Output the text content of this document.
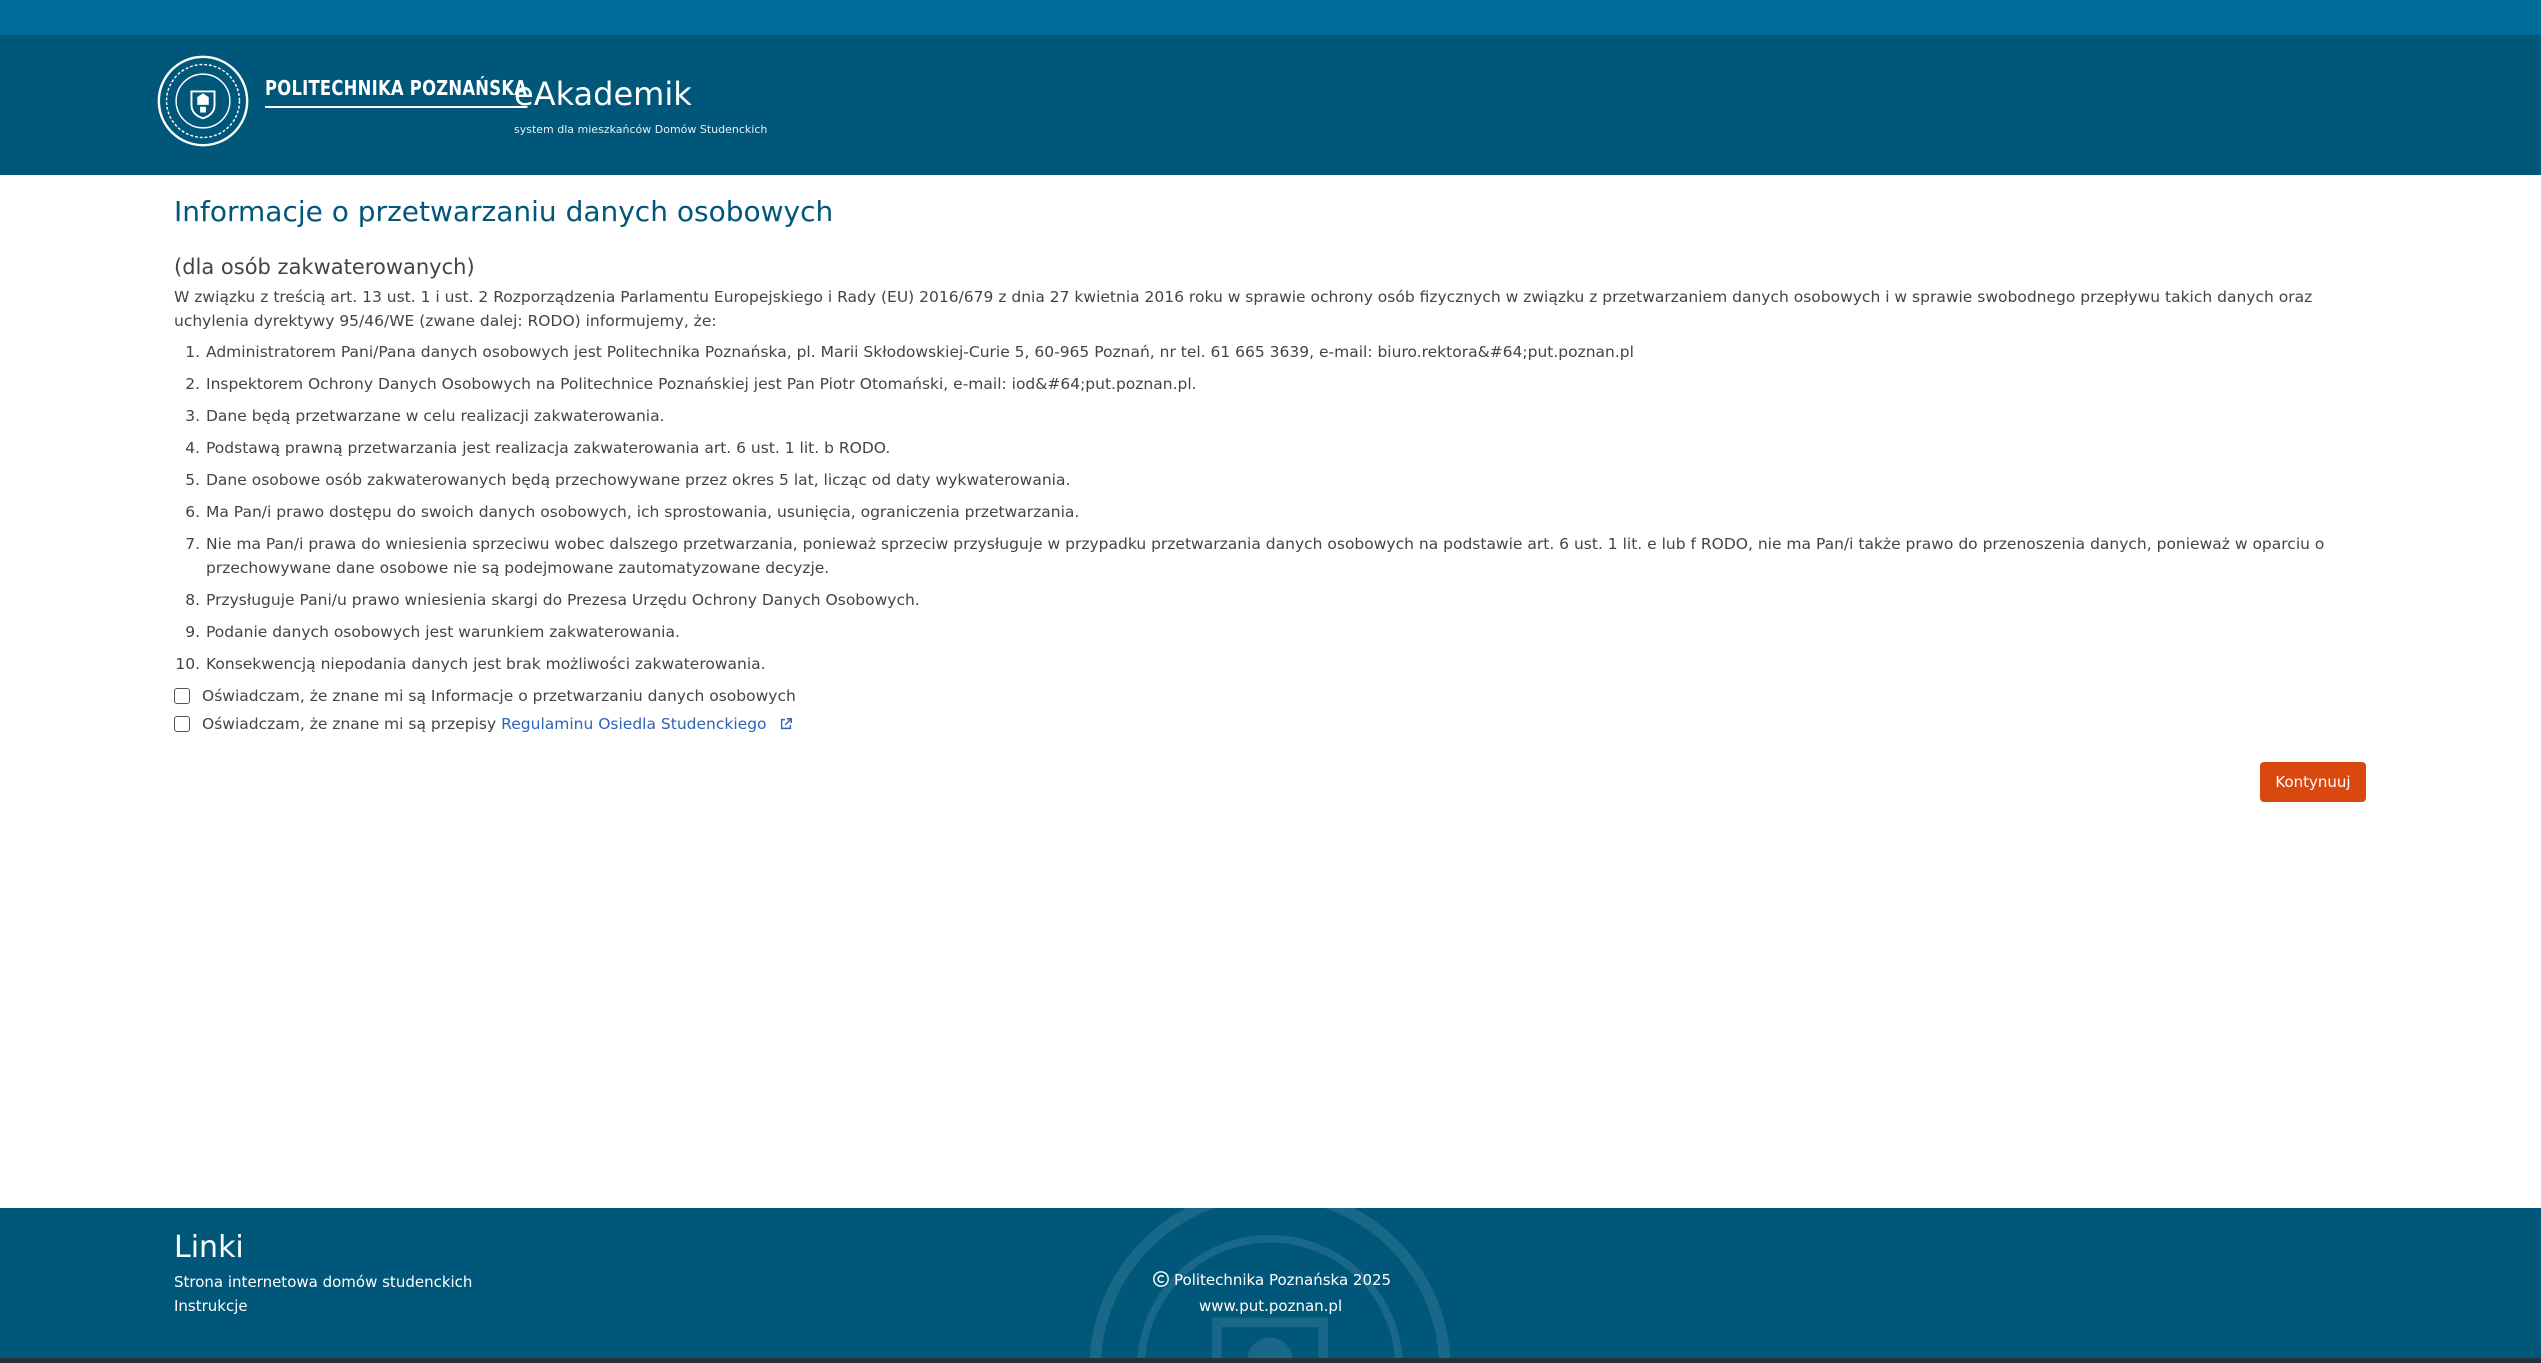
POLITECHNIKA POZNAŃSKA
eAkademik
system dla mieszkańców Domów Studenckich
Informacje o przetwarzaniu danych osobowych
(dla osób zakwaterowanych)
W związku z treścią art. 13 ust. 1 i ust. 2 Rozporządzenia Parlamentu Europejskiego i Rady (EU) 2016/679 z dnia 27 kwietnia 2016 roku w sprawie ochrony osób fizycznych w związku z przetwarzaniem danych osobowych i w sprawie swobodnego przepływu takich danych oraz uchylenia dyrektywy 95/46/WE (zwane dalej: RODO) informujemy, że:
1. Administratorem Pani/Pana danych osobowych jest Politechnika Poznańska, pl. Marii Skłodowskiej-Curie 5, 60-965 Poznań, nr tel. 61 665 3639, e-mail: biuro.rektora&#64;put.poznan.pl
2. Inspektorem Ochrony Danych Osobowych na Politechnice Poznańskiej jest Pan Piotr Otomański, e-mail: iod&#64;put.poznan.pl.
3. Dane będą przetwarzane w celu realizacji zakwaterowania.
4. Podstawą prawną przetwarzania jest realizacja zakwaterowania art. 6 ust. 1 lit. b RODO.
5. Dane osobowe osób zakwaterowanych będą przechowywane przez okres 5 lat, licząc od daty wykwaterowania.
6. Ma Pan/i prawo dostępu do swoich danych osobowych, ich sprostowania, usunięcia, ograniczenia przetwarzania.
7. Nie ma Pan/i prawa do wniesienia sprzeciwu wobec dalszego przetwarzania, ponieważ sprzeciw przysługuje w przypadku przetwarzania danych osobowych na podstawie art. 6 ust. 1 lit. e lub f RODO, nie ma Pan/i także prawo do przenoszenia danych, ponieważ w oparciu o przechowywane dane osobowe nie są podejmowane zautomatyzowane decyzje.
8. Przysługuje Pani/u prawo wniesienia skargi do Prezesa Urzędu Ochrony Danych Osobowych.
9. Podanie danych osobowych jest warunkiem zakwaterowania.
10. Konsekwencją niepodania danych jest brak możliwości zakwaterowania.
Oświadczam, że znane mi są Informacje o przetwarzaniu danych osobowych
Oświadczam, że znane mi są przepisy Regulaminu Osiedla Studenckiego
Kontynuuj
Linki
Strona internetowa domów studenckich
Instrukcje
Politechnika Poznańska 2025
www.put.poznan.pl
